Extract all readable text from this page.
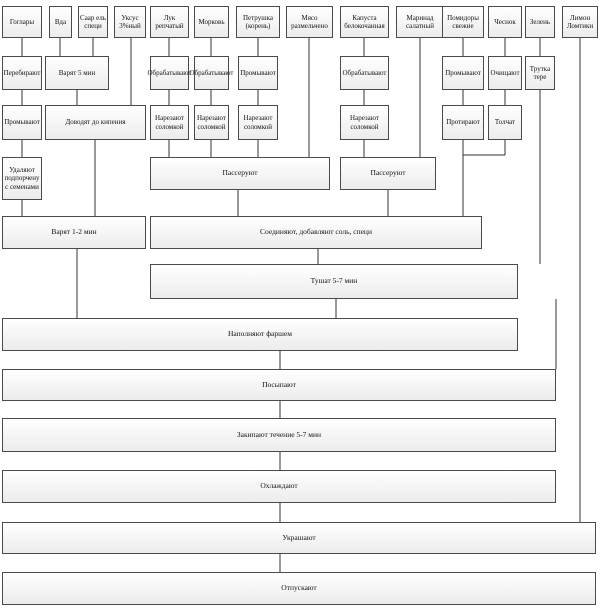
Гоглары	Вда
Саар ель специ
Уксус 3%ный
Лук репчатый
Морковь
Петрушка (корень)
Мясо размельчено
Капуста белокочанная
Маринад салатный
Помидоры свежие
Чеснок	Зелень
Лимон Ломтики
Перебирают	Варят 5 мин	Обрабатывают
Обрабатывают Промывают	Обрабатывают	Промывают	Очищают
Трутка тере
Промывают	Доводят до кипения
Нарезают соломкой
Нарезают соломкой
Нарезают соломкой
Нарезают соломкой
Протирают	Толчат
Удаляют подпорчену с семенами
Пассеруют	Пассеруют
Варят 1-2 мин	Соединяют, добавляют соль, специ
Тушат 5-7 мин
Наполняют фаршем
Посыпают
Закипают течение 5-7 мин
Охлаждают
Украшают
Отпускают
